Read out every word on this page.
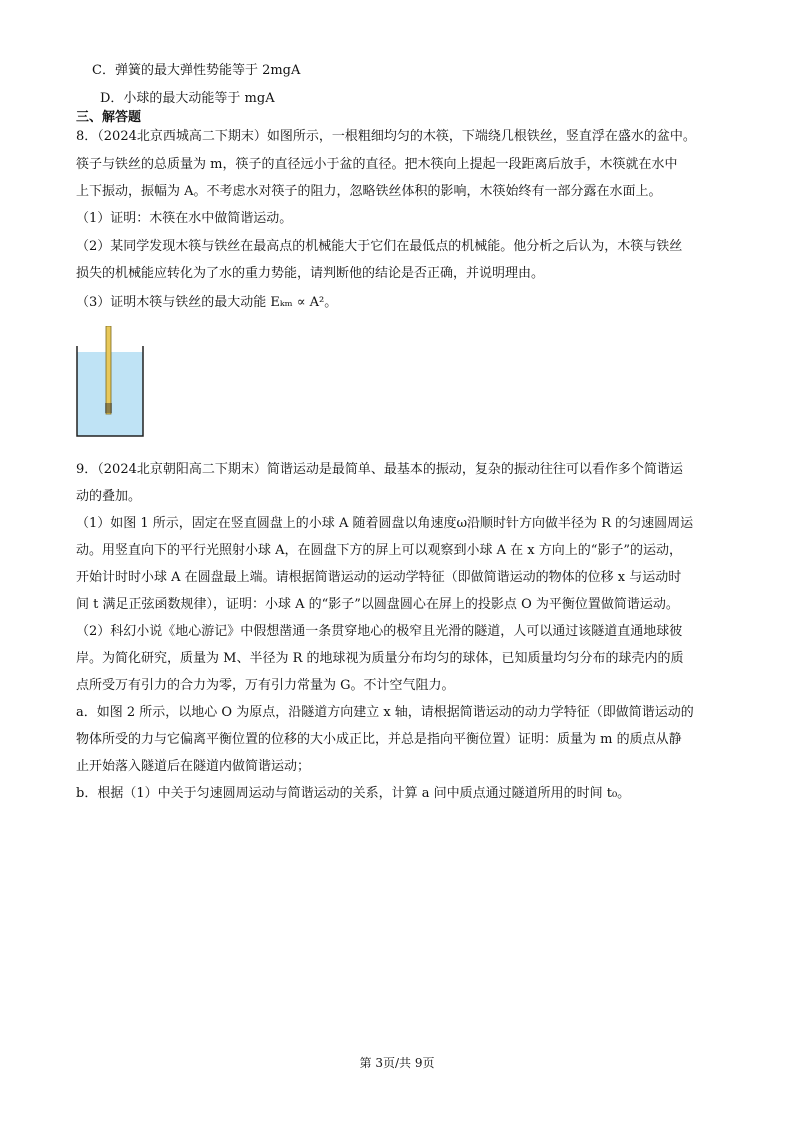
C．弹簧的最大弹性势能等于 2mgA
D．小球的最大动能等于 mgA
三、解答题
8．（2024北京西城高二下期末）如图所示，一根粗细均匀的木筷，下端绕几根铁丝，竖直浮在盛水的盆中。
筷子与铁丝的总质量为 m，筷子的直径远小于盆的直径。把木筷向上提起一段距离后放手，木筷就在水中
上下振动，振幅为 A。不考虑水对筷子的阻力，忽略铁丝体积的影响，木筷始终有一部分露在水面上。
（1）证明：木筷在水中做简谐运动。
（2）某同学发现木筷与铁丝在最高点的机械能大于它们在最低点的机械能。他分析之后认为，木筷与铁丝
损失的机械能应转化为了水的重力势能，请判断他的结论是否正确，并说明理由。
（3）证明木筷与铁丝的最大动能 Eₖₘ ∝ A²。
9．（2024北京朝阳高二下期末）简谐运动是最简单、最基本的振动，复杂的振动往往可以看作多个简谐运
动的叠加。
（1）如图 1 所示，固定在竖直圆盘上的小球 A 随着圆盘以角速度ω沿顺时针方向做半径为 R 的匀速圆周运
动。用竖直向下的平行光照射小球 A，在圆盘下方的屏上可以观察到小球 A 在 x 方向上的“影子”的运动，
开始计时时小球 A 在圆盘最上端。请根据简谐运动的运动学特征（即做简谐运动的物体的位移 x 与运动时
间 t 满足正弦函数规律），证明：小球 A 的“影子”以圆盘圆心在屏上的投影点 O 为平衡位置做简谐运动。
（2）科幻小说《地心游记》中假想凿通一条贯穿地心的极窄且光滑的隧道，人可以通过该隧道直通地球彼
岸。为简化研究，质量为 M、半径为 R 的地球视为质量分布均匀的球体，已知质量均匀分布的球壳内的质
点所受万有引力的合力为零，万有引力常量为 G。不计空气阻力。
a．如图 2 所示，以地心 O 为原点，沿隧道方向建立 x 轴，请根据简谐运动的动力学特征（即做简谐运动的
物体所受的力与它偏离平衡位置的位移的大小成正比，并总是指向平衡位置）证明：质量为 m 的质点从静
止开始落入隧道后在隧道内做简谐运动；
b．根据（1）中关于匀速圆周运动与简谐运动的关系，计算 a 问中质点通过隧道所用的时间 t₀。
第 3页/共 9页
